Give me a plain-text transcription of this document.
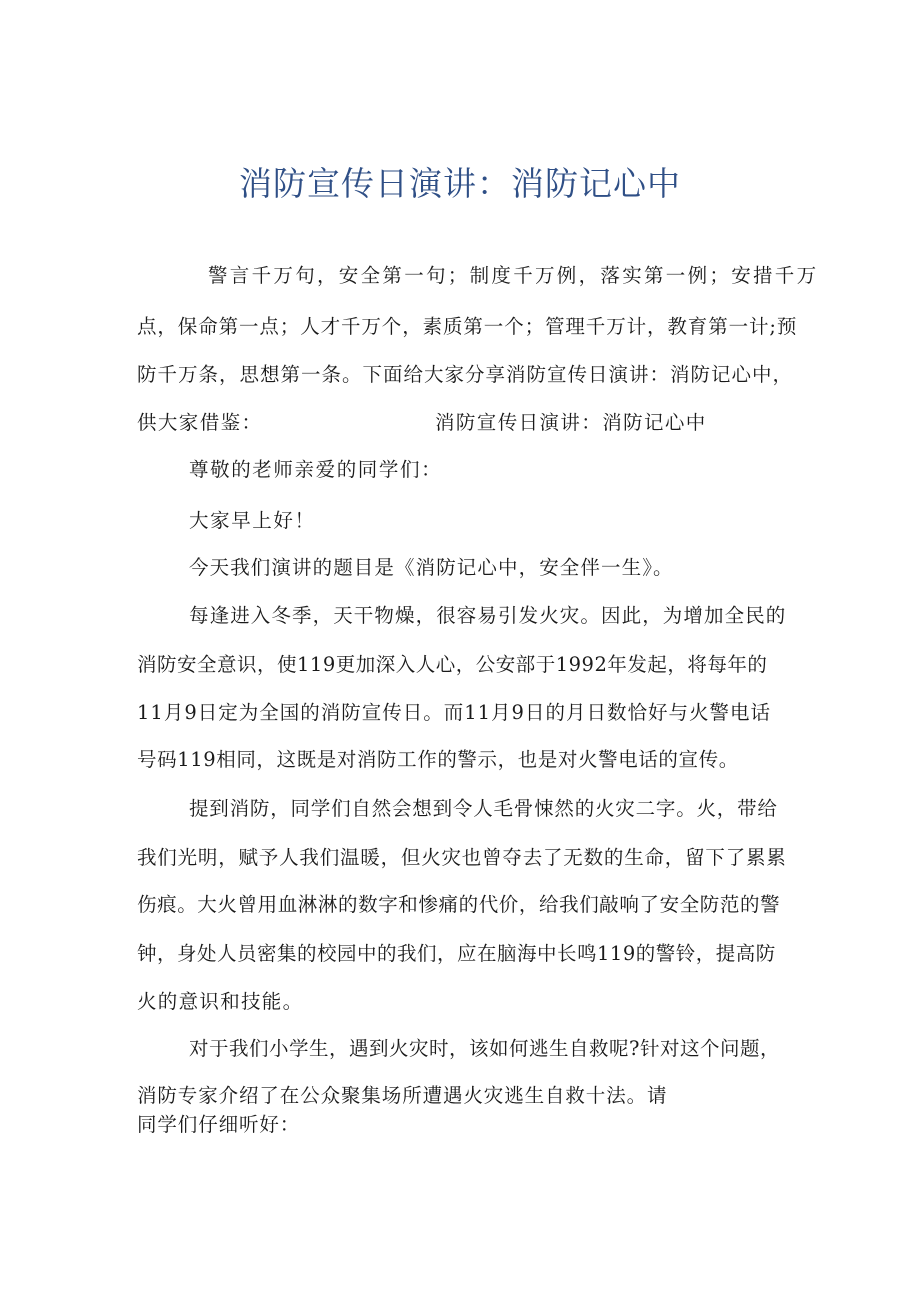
消防宣传日演讲：消防记心中
警言千万句，安全第一句；制度千万例，落实第一例；安措千万
点，保命第一点；人才千万个，素质第一个；管理千万计，教育第一计;预
防千万条，思想第一条。下面给大家分享消防宣传日演讲：消防记心中，
供大家借鉴：	消防宣传日演讲：消防记心中
尊敬的老师亲爱的同学们：
大家早上好！
今天我们演讲的题目是《消防记心中，安全伴一生》。
每逢进入冬季，天干物燥，很容易引发火灾。因此，为增加全民的
消防安全意识，使119更加深入人心，公安部于1992年发起，将每年的
11月9日定为全国的消防宣传日。而11月9日的月日数恰好与火警电话
号码119相同，这既是对消防工作的警示，也是对火警电话的宣传。
提到消防，同学们自然会想到令人毛骨悚然的火灾二字。火，带给
我们光明，赋予人我们温暖，但火灾也曾夺去了无数的生命，留下了累累
伤痕。大火曾用血淋淋的数字和惨痛的代价，给我们敲响了安全防范的警
钟，身处人员密集的校园中的我们，应在脑海中长鸣119的警铃，提高防
火的意识和技能。
对于我们小学生，遇到火灾时，该如何逃生自救呢?针对这个问题，
消防专家介绍了在公众聚集场所遭遇火灾逃生自救十法。请
同学们仔细听好：
